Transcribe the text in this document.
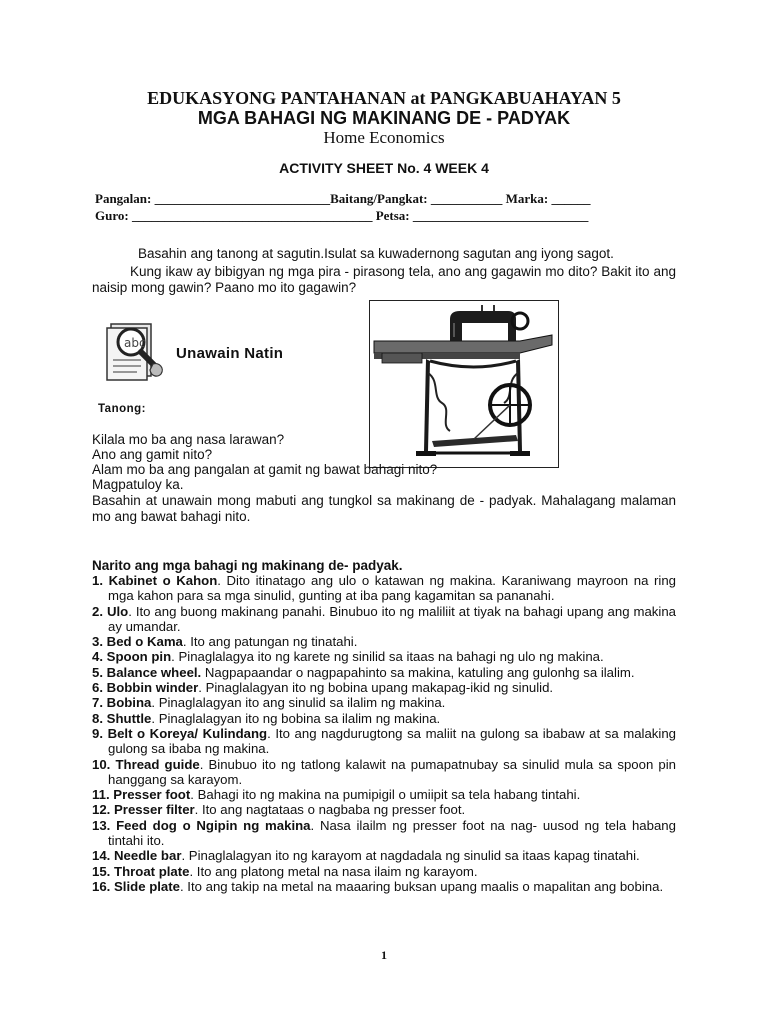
EDUKASYONG PANTAHANAN at PANGKABUAHAYAN 5
MGA BAHAGI NG MAKINANG DE - PADYAK
Home Economics
ACTIVITY SHEET No. 4 WEEK 4
Pangalan: ___________________________Baitang/Pangkat: ___________ Marka: ______
Guro: _____________________________________ Petsa: ___________________________
Basahin ang tanong at sagutin.Isulat sa kuwadernong sagutan ang iyong sagot.
Kung ikaw ay bibigyan ng mga pira - pirasong tela, ano ang gagawin mo dito? Bakit ito ang naisip mong gawin? Paano mo ito gagawin?
abc
Unawain Natin
Tanong:
Kilala mo ba ang nasa larawan?
Ano ang gamit nito?
Alam mo ba ang pangalan at gamit ng bawat bahagi nito?
Magpatuloy ka.
Basahin at unawain mong mabuti ang tungkol sa makinang de - padyak. Mahalagang malaman mo ang bawat bahagi nito.
Narito ang mga bahagi ng makinang de- padyak.
1. Kabinet o Kahon. Dito itinatago ang ulo o katawan ng makina. Karaniwang mayroon na ring mga kahon para sa mga sinulid, gunting at iba pang kagamitan sa pananahi.
2. Ulo. Ito ang buong makinang panahi. Binubuo ito ng maliliit at tiyak na bahagi upang ang makina ay umandar.
3. Bed o Kama. Ito ang patungan ng tinatahi.
4. Spoon pin. Pinaglalagya ito ng karete ng sinilid sa itaas na bahagi ng ulo ng makina.
5. Balance wheel. Nagpapaandar o nagpapahinto sa makina, katuling ang gulonhg sa ilalim.
6. Bobbin winder. Pinaglalagyan ito ng bobina upang makapag-ikid ng sinulid.
7. Bobina. Pinaglalagyan ito ang sinulid sa ilalim ng makina.
8. Shuttle. Pinaglalagyan ito ng bobina sa ilalim ng makina.
9. Belt o Koreya/ Kulindang. Ito ang nagdurugtong sa maliit na gulong sa ibabaw at sa malaking gulong sa ibaba ng makina.
10. Thread guide. Binubuo ito ng tatlong kalawit na pumapatnubay sa sinulid mula sa spoon pin hanggang sa karayom.
11. Presser foot. Bahagi ito ng makina na pumipigil o umiipit sa tela habang tintahi.
12. Presser filter. Ito ang nagtataas o nagbaba ng presser foot.
13. Feed dog o Ngipin ng makina. Nasa ilailm ng presser foot na nag- uusod ng tela habang tintahi ito.
14. Needle bar. Pinaglalagyan ito ng karayom at nagdadala ng sinulid sa itaas kapag tinatahi.
15. Throat plate. Ito ang platong metal na nasa ilaim ng karayom.
16. Slide plate. Ito ang takip na metal na maaaring buksan upang maalis o mapalitan ang bobina.
1
